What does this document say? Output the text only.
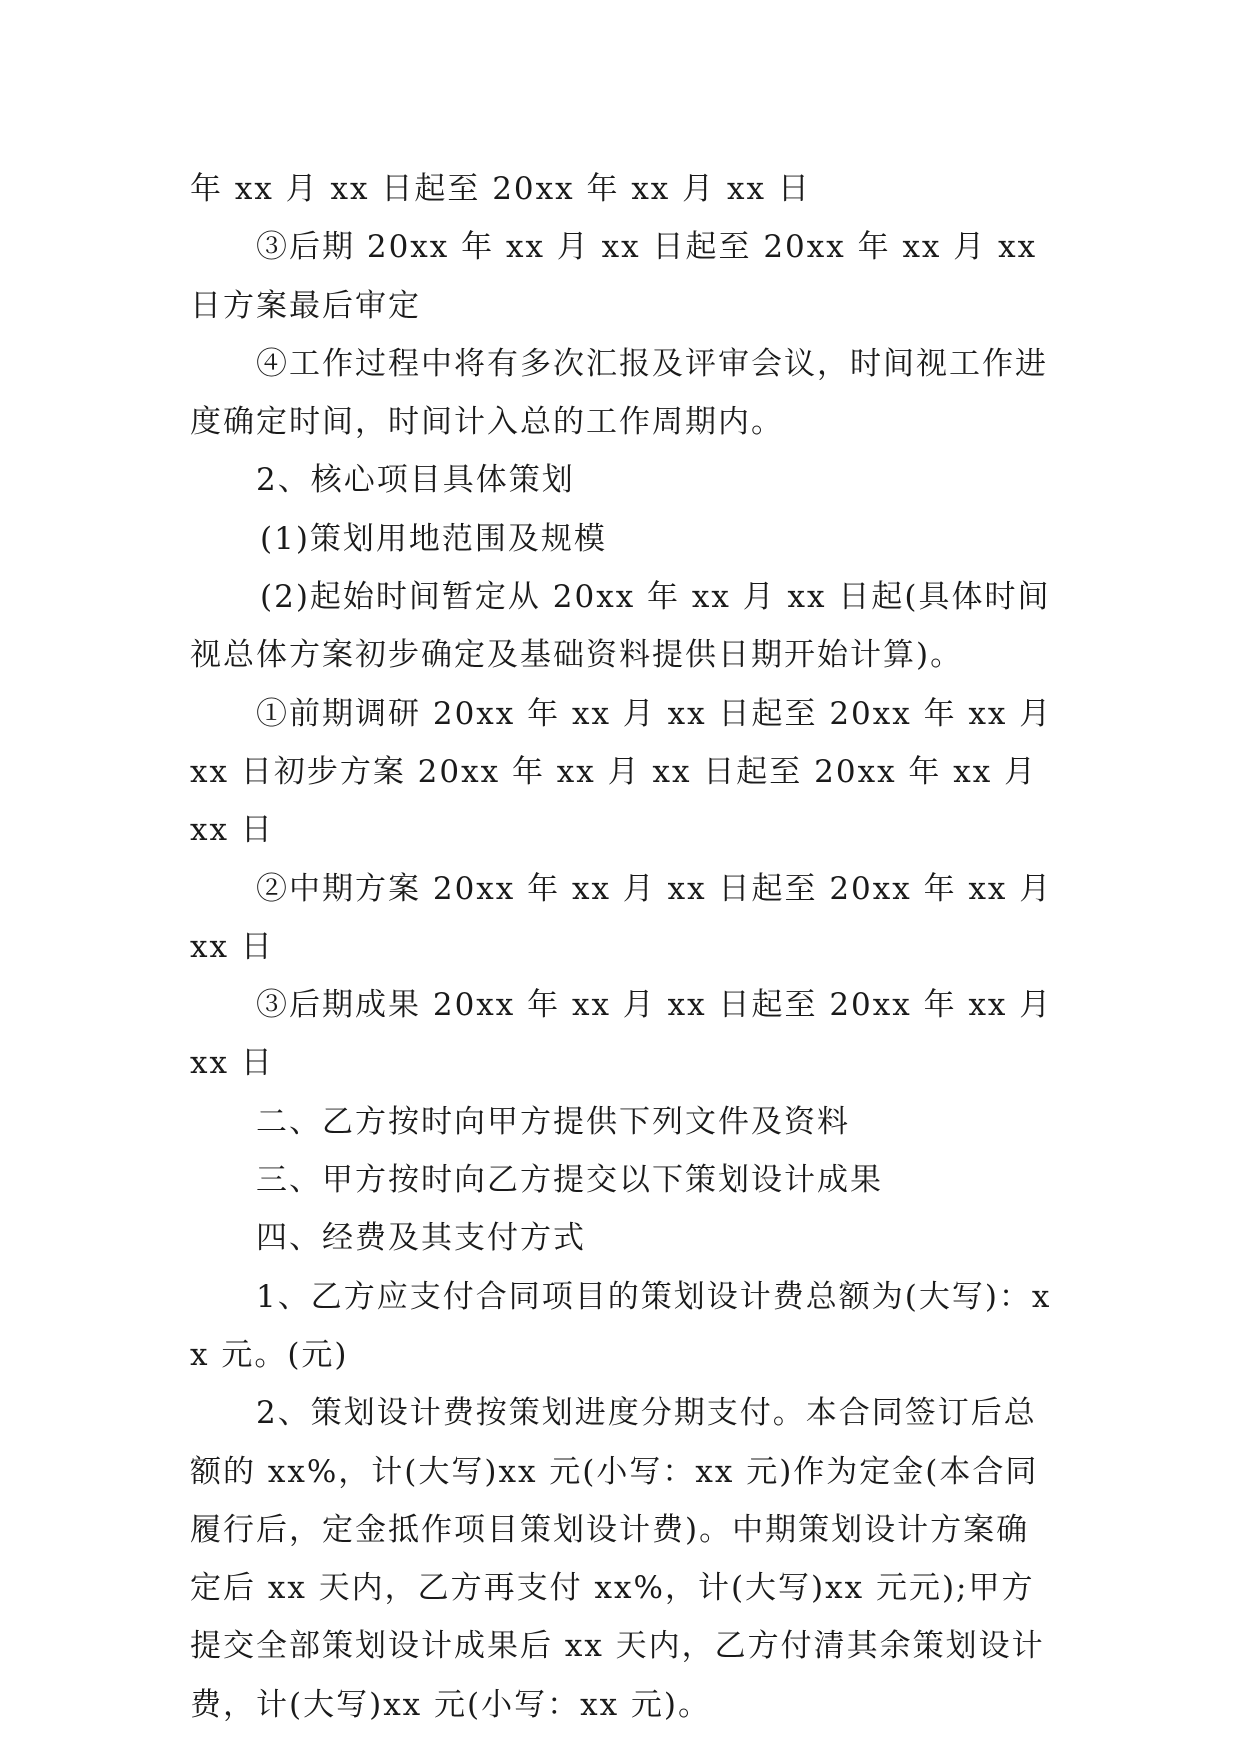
年 xx 月 xx 日起至 20xx 年 xx 月 xx 日

③后期 20xx 年 xx 月 xx 日起至 20xx 年 xx 月 xx 日方案最后审定

④工作过程中将有多次汇报及评审会议，时间视工作进度确定时间，时间计入总的工作周期内。

2、核心项目具体策划

(1)策划用地范围及规模

(2)起始时间暂定从 20xx 年 xx 月 xx 日起(具体时间视总体方案初步确定及基础资料提供日期开始计算)。

①前期调研 20xx 年 xx 月 xx 日起至 20xx 年 xx 月 xx 日初步方案 20xx 年 xx 月 xx 日起至 20xx 年 xx 月 xx 日

②中期方案 20xx 年 xx 月 xx 日起至 20xx 年 xx 月 xx 日

③后期成果 20xx 年 xx 月 xx 日起至 20xx 年 xx 月 xx 日

二、乙方按时向甲方提供下列文件及资料

三、甲方按时向乙方提交以下策划设计成果

四、经费及其支付方式

1、乙方应支付合同项目的策划设计费总额为(大写)：xx 元。(元)

2、策划设计费按策划进度分期支付。本合同签订后总额的 xx%，计(大写)xx 元(小写：xx 元)作为定金(本合同履行后，定金抵作项目策划设计费)。中期策划设计方案确定后 xx 天内，乙方再支付 xx%，计(大写)xx 元元);甲方提交全部策划设计成果后 xx 天内，乙方付清其余策划设计费，计(大写)xx 元(小写：xx 元)。
